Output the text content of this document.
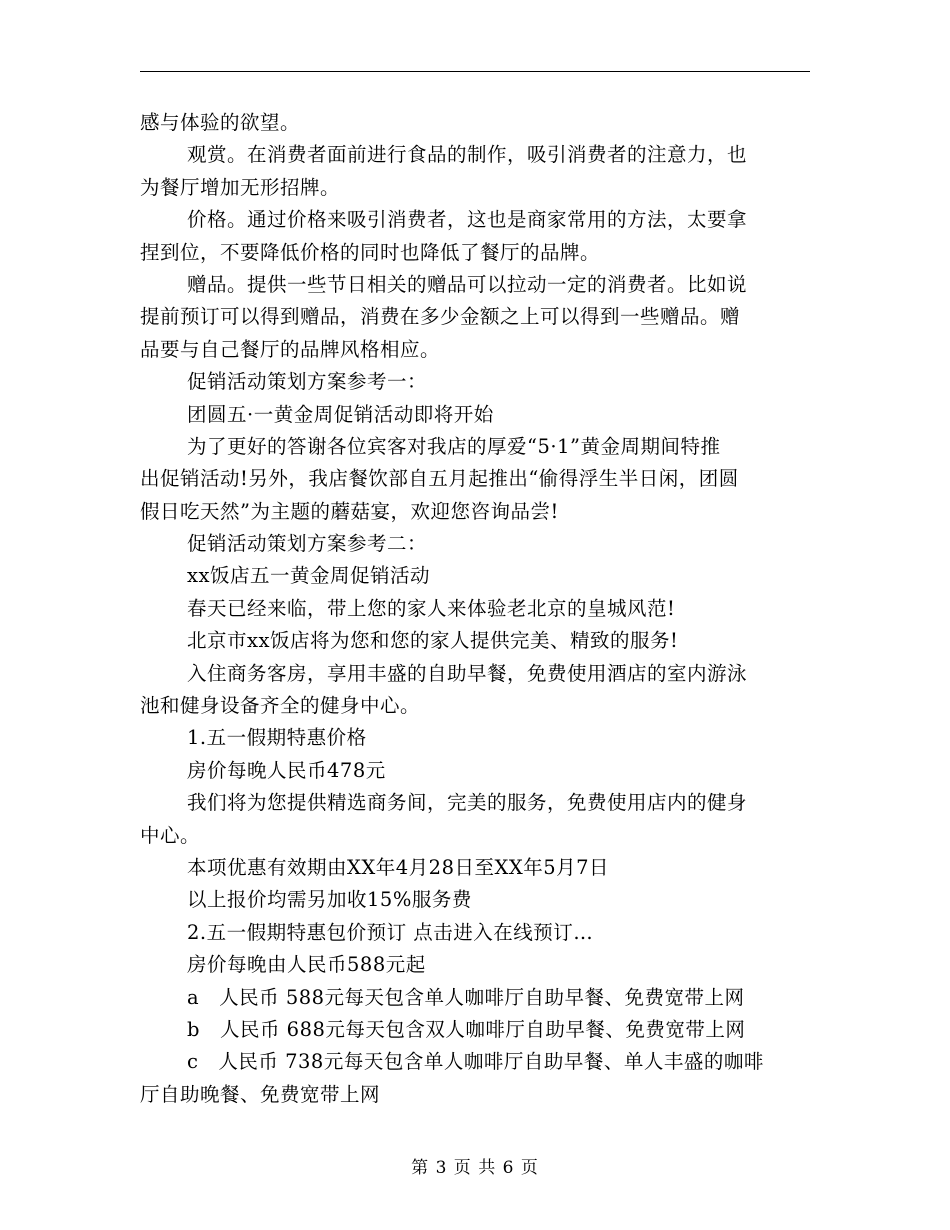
感与体验的欲望。
观赏。在消费者面前进行食品的制作，吸引消费者的注意力，也
为餐厅增加无形招牌。
价格。通过价格来吸引消费者，这也是商家常用的方法，太要拿
捏到位，不要降低价格的同时也降低了餐厅的品牌。
赠品。提供一些节日相关的赠品可以拉动一定的消费者。比如说
提前预订可以得到赠品，消费在多少金额之上可以得到一些赠品。赠
品要与自己餐厅的品牌风格相应。
促销活动策划方案参考一：
团圆五·一黄金周促销活动即将开始
为了更好的答谢各位宾客对我店的厚爱“5·1”黄金周期间特推
出促销活动!另外，我店餐饮部自五月起推出“偷得浮生半日闲，团圆
假日吃天然”为主题的蘑菇宴，欢迎您咨询品尝!
促销活动策划方案参考二：
xx饭店五一黄金周促销活动
春天已经来临，带上您的家人来体验老北京的皇城风范!
北京市xx饭店将为您和您的家人提供完美、精致的服务!
入住商务客房，享用丰盛的自助早餐，免费使用酒店的室内游泳
池和健身设备齐全的健身中心。
1.五一假期特惠价格
房价每晚人民币478元
我们将为您提供精选商务间，完美的服务，免费使用店内的健身
中心。
本项优惠有效期由XX年4月28日至XX年5月7日
以上报价均需另加收15%服务费
2.五一假期特惠包价预订 点击进入在线预订…
房价每晚由人民币588元起
a　人民币 588元每天包含单人咖啡厅自助早餐、免费宽带上网
b　人民币 688元每天包含双人咖啡厅自助早餐、免费宽带上网
c　人民币 738元每天包含单人咖啡厅自助早餐、单人丰盛的咖啡
厅自助晚餐、免费宽带上网
第 3 页 共 6 页
